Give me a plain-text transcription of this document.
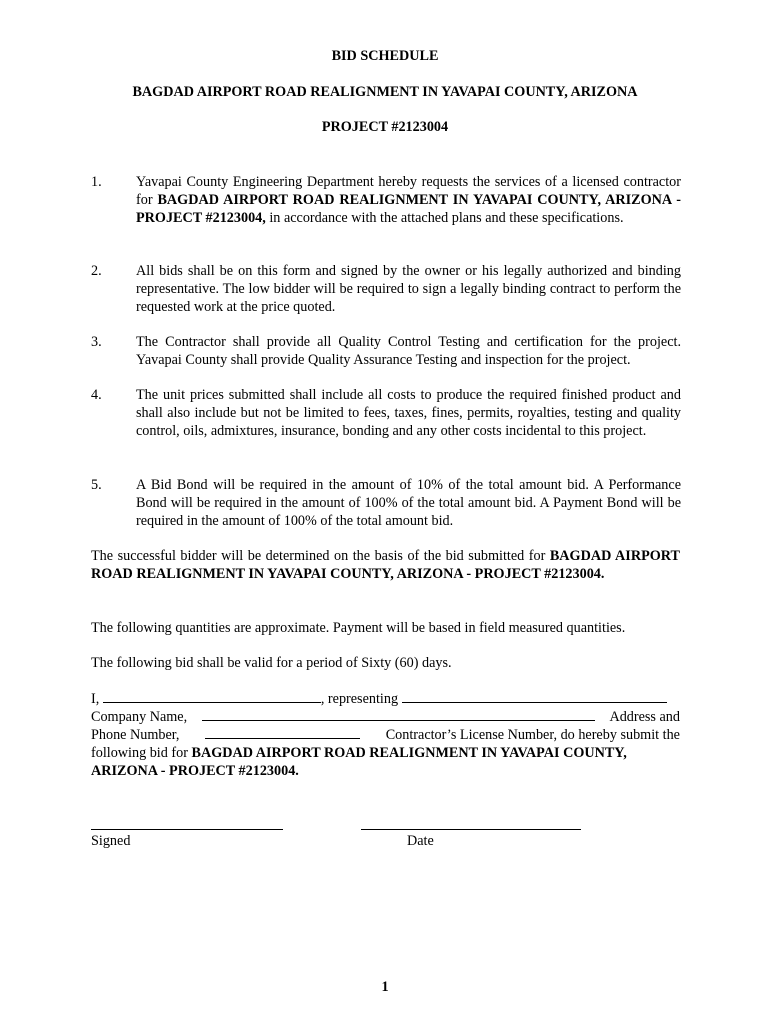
BID SCHEDULE
BAGDAD AIRPORT ROAD REALIGNMENT IN YAVAPAI COUNTY, ARIZONA
PROJECT #2123004
1. Yavapai County Engineering Department hereby requests the services of a licensed contractor for BAGDAD AIRPORT ROAD REALIGNMENT IN YAVAPAI COUNTY, ARIZONA - PROJECT #2123004, in accordance with the attached plans and these specifications.
2. All bids shall be on this form and signed by the owner or his legally authorized and binding representative. The low bidder will be required to sign a legally binding contract to perform the requested work at the price quoted.
3. The Contractor shall provide all Quality Control Testing and certification for the project. Yavapai County shall provide Quality Assurance Testing and inspection for the project.
4. The unit prices submitted shall include all costs to produce the required finished product and shall also include but not be limited to fees, taxes, fines, permits, royalties, testing and quality control, oils, admixtures, insurance, bonding and any other costs incidental to this project.
5. A Bid Bond will be required in the amount of 10% of the total amount bid. A Performance Bond will be required in the amount of 100% of the total amount bid. A Payment Bond will be required in the amount of 100% of the total amount bid.
The successful bidder will be determined on the basis of the bid submitted for BAGDAD AIRPORT ROAD REALIGNMENT IN YAVAPAI COUNTY, ARIZONA - PROJECT #2123004.
The following quantities are approximate. Payment will be based in field measured quantities.
The following bid shall be valid for a period of Sixty (60) days.
I,	, representing
Company Name,	Address and
Phone Number,	Contractor’s License Number, do hereby submit the
following bid for BAGDAD AIRPORT ROAD REALIGNMENT IN YAVAPAI COUNTY,
ARIZONA - PROJECT #2123004.
Signed	Date
1
